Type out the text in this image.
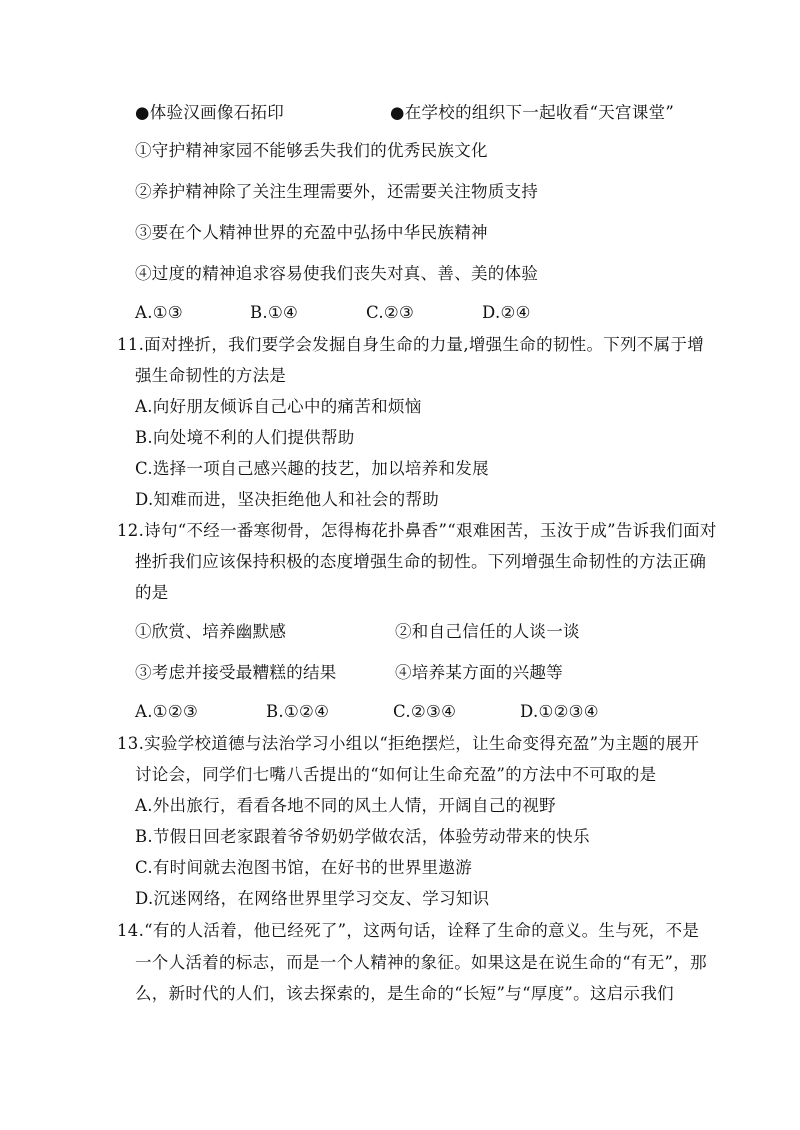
●体验汉画像石拓印	●在学校的组织下一起收看“天宫课堂”
①守护精神家园不能够丢失我们的优秀民族文化
②养护精神除了关注生理需要外，还需要关注物质支持
③要在个人精神世界的充盈中弘扬中华民族精神
④过度的精神追求容易使我们丧失对真、善、美的体验
A.①③	B.①④	C.②③	D.②④
11.面对挫折，我们要学会发掘自身生命的力量,增强生命的韧性。下列不属于增
强生命韧性的方法是
A.向好朋友倾诉自己心中的痛苦和烦恼
B.向处境不利的人们提供帮助
C.选择一项自己感兴趣的技艺，加以培养和发展
D.知难而进，坚决拒绝他人和社会的帮助
12.诗句“不经一番寒彻骨，怎得梅花扑鼻香”“艰难困苦，玉汝于成”告诉我们面对
挫折我们应该保持积极的态度增强生命的韧性。下列增强生命韧性的方法正确
的是
①欣赏、培养幽默感	②和自己信任的人谈一谈
③考虑并接受最糟糕的结果	④培养某方面的兴趣等
A.①②③	B.①②④	C.②③④	D.①②③④
13.实验学校道德与法治学习小组以“拒绝摆烂，让生命变得充盈”为主题的展开
讨论会，同学们七嘴八舌提出的“如何让生命充盈”的方法中不可取的是
A.外出旅行，看看各地不同的风土人情，开阔自己的视野
B.节假日回老家跟着爷爷奶奶学做农活，体验劳动带来的快乐
C.有时间就去泡图书馆，在好书的世界里遨游
D.沉迷网络，在网络世界里学习交友、学习知识
14.“有的人活着，他已经死了”，这两句话，诠释了生命的意义。生与死，不是
一个人活着的标志，而是一个人精神的象征。如果这是在说生命的“有无”，那
么，新时代的人们，该去探索的，是生命的“长短”与“厚度”。这启示我们
